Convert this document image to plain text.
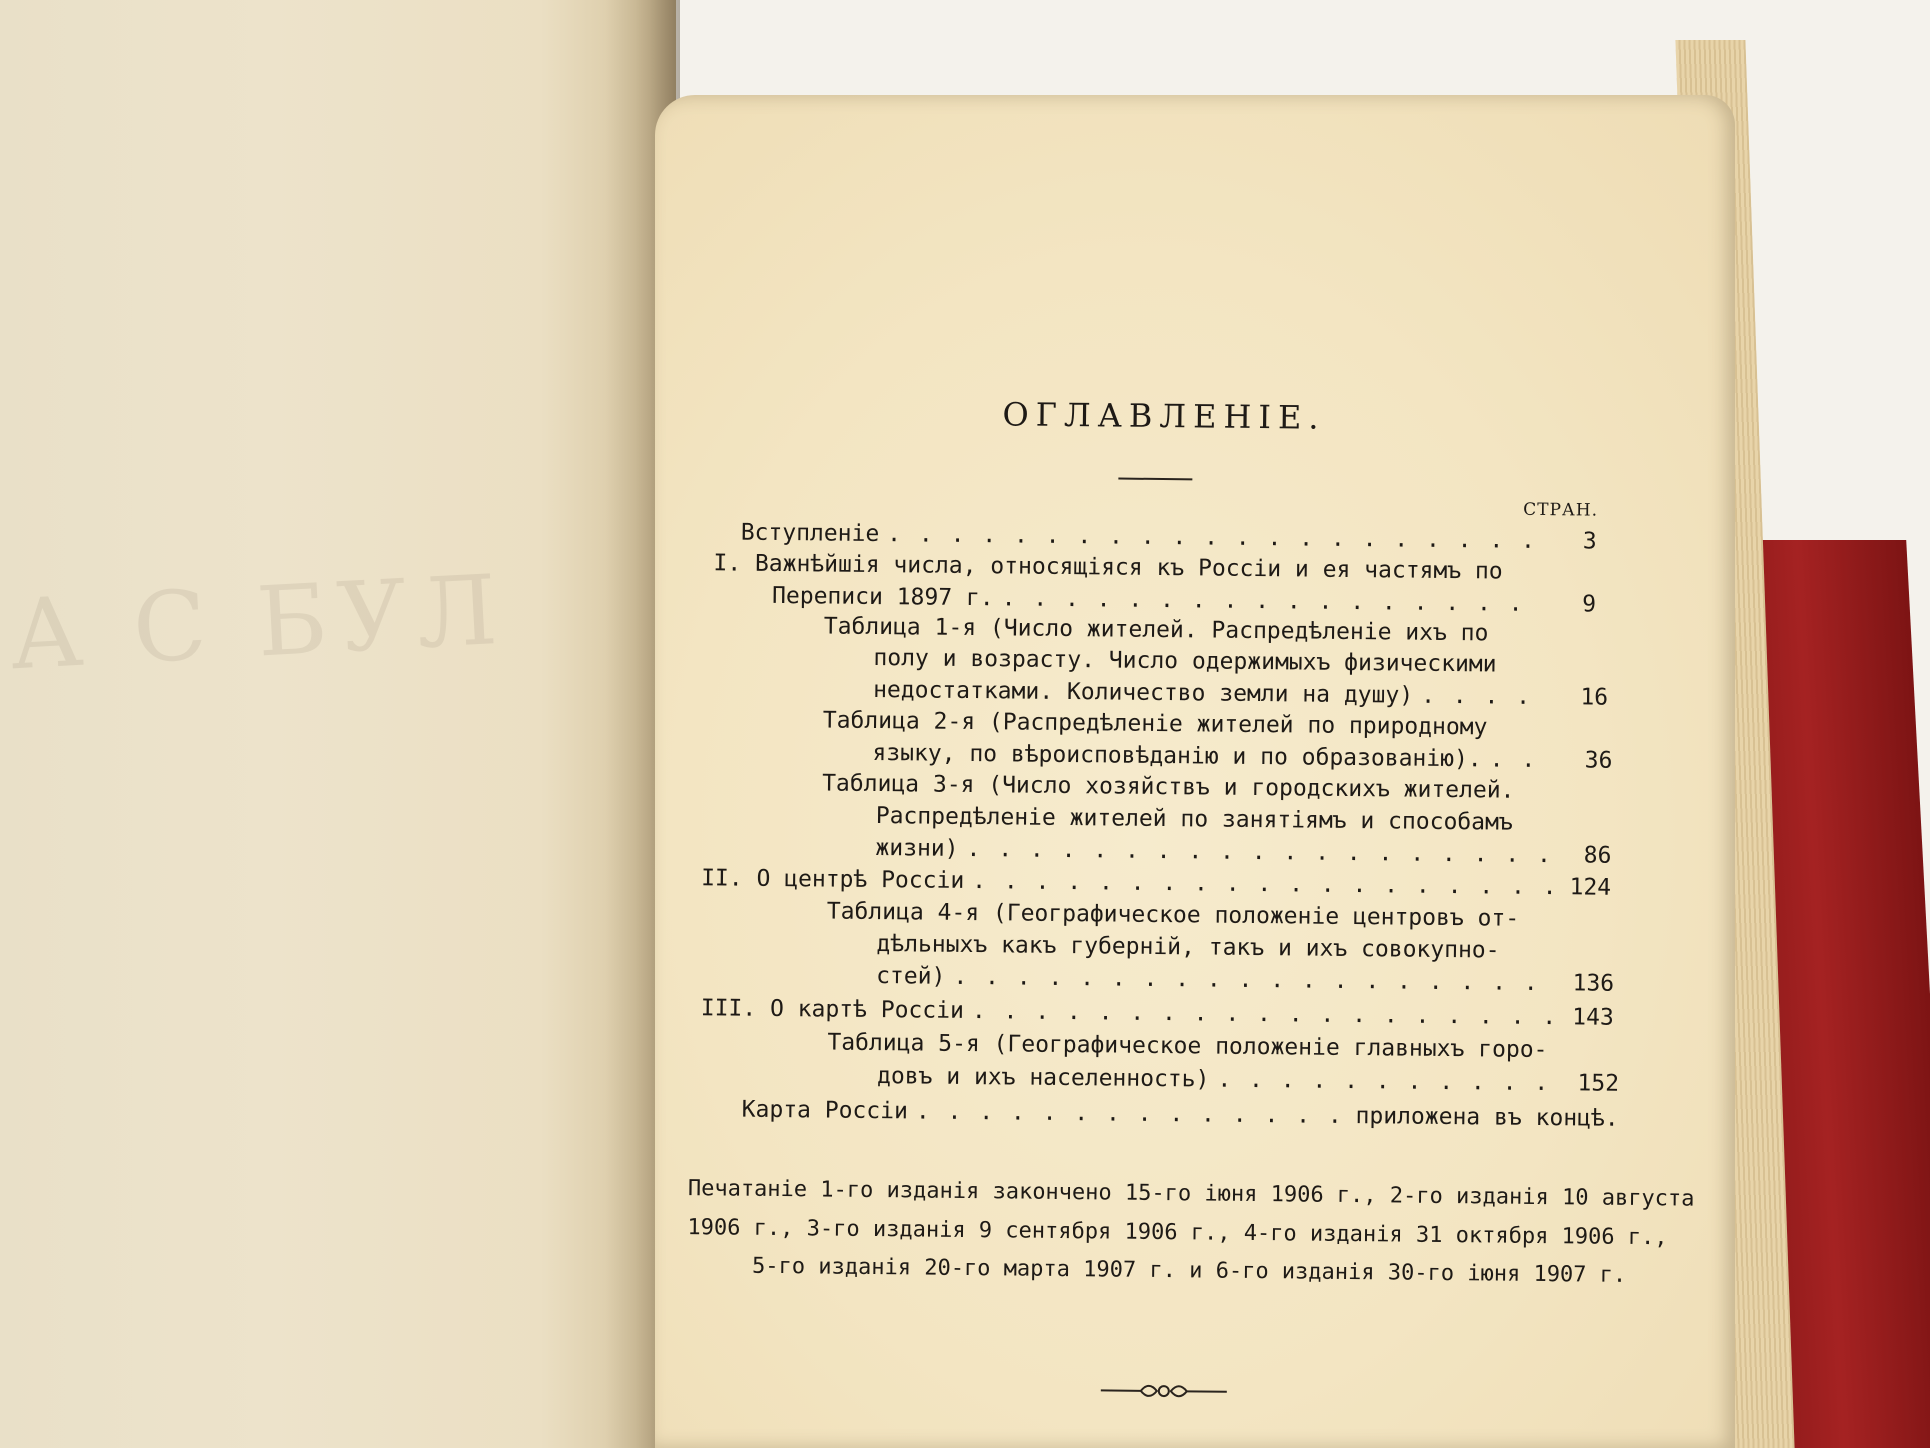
А С БУЛ
ОГЛАВЛЕНІЕ.
СТРАН.
Вступленіе . . .	3
I. Важнѣйшія числа, относящіяся къ Россіи и ея частямъ по
Переписи 1897 г. . . .	9
Таблица 1-я (Число жителей. Распредѣленіе ихъ по
полу и возрасту. Число одержимыхъ физическими
недостатками. Количество земли на душу) . . .	16
Таблица 2-я (Распредѣленіе жителей по природному
языку, по вѣроисповѣданію и по образованію). . . .	36
Таблица 3-я (Число хозяйствъ и городскихъ жителей.
Распредѣленіе жителей по занятіямъ и способамъ
жизни) . . .	86
II. О центрѣ Россіи . . .	124
Таблица 4-я (Географическое положеніе центровъ от-
дѣльныхъ какъ губерній, такъ и ихъ совокупно-
стей) . . .	136
III. О картѣ Россіи . . .	143
Таблица 5-я (Географическое положеніе главныхъ горо-
довъ и ихъ населенность) . . .	152
Карта Россіи . . .	приложена въ концѣ.
Печатаніе 1-го изданія закончено 15-го іюня 1906 г., 2-го изданія 10 августа
1906 г., 3-го изданія 9 сентября 1906 г., 4-го изданія 31 октября 1906 г.,
5-го изданія 20-го марта 1907 г. и 6-го изданія 30-го іюня 1907 г.
